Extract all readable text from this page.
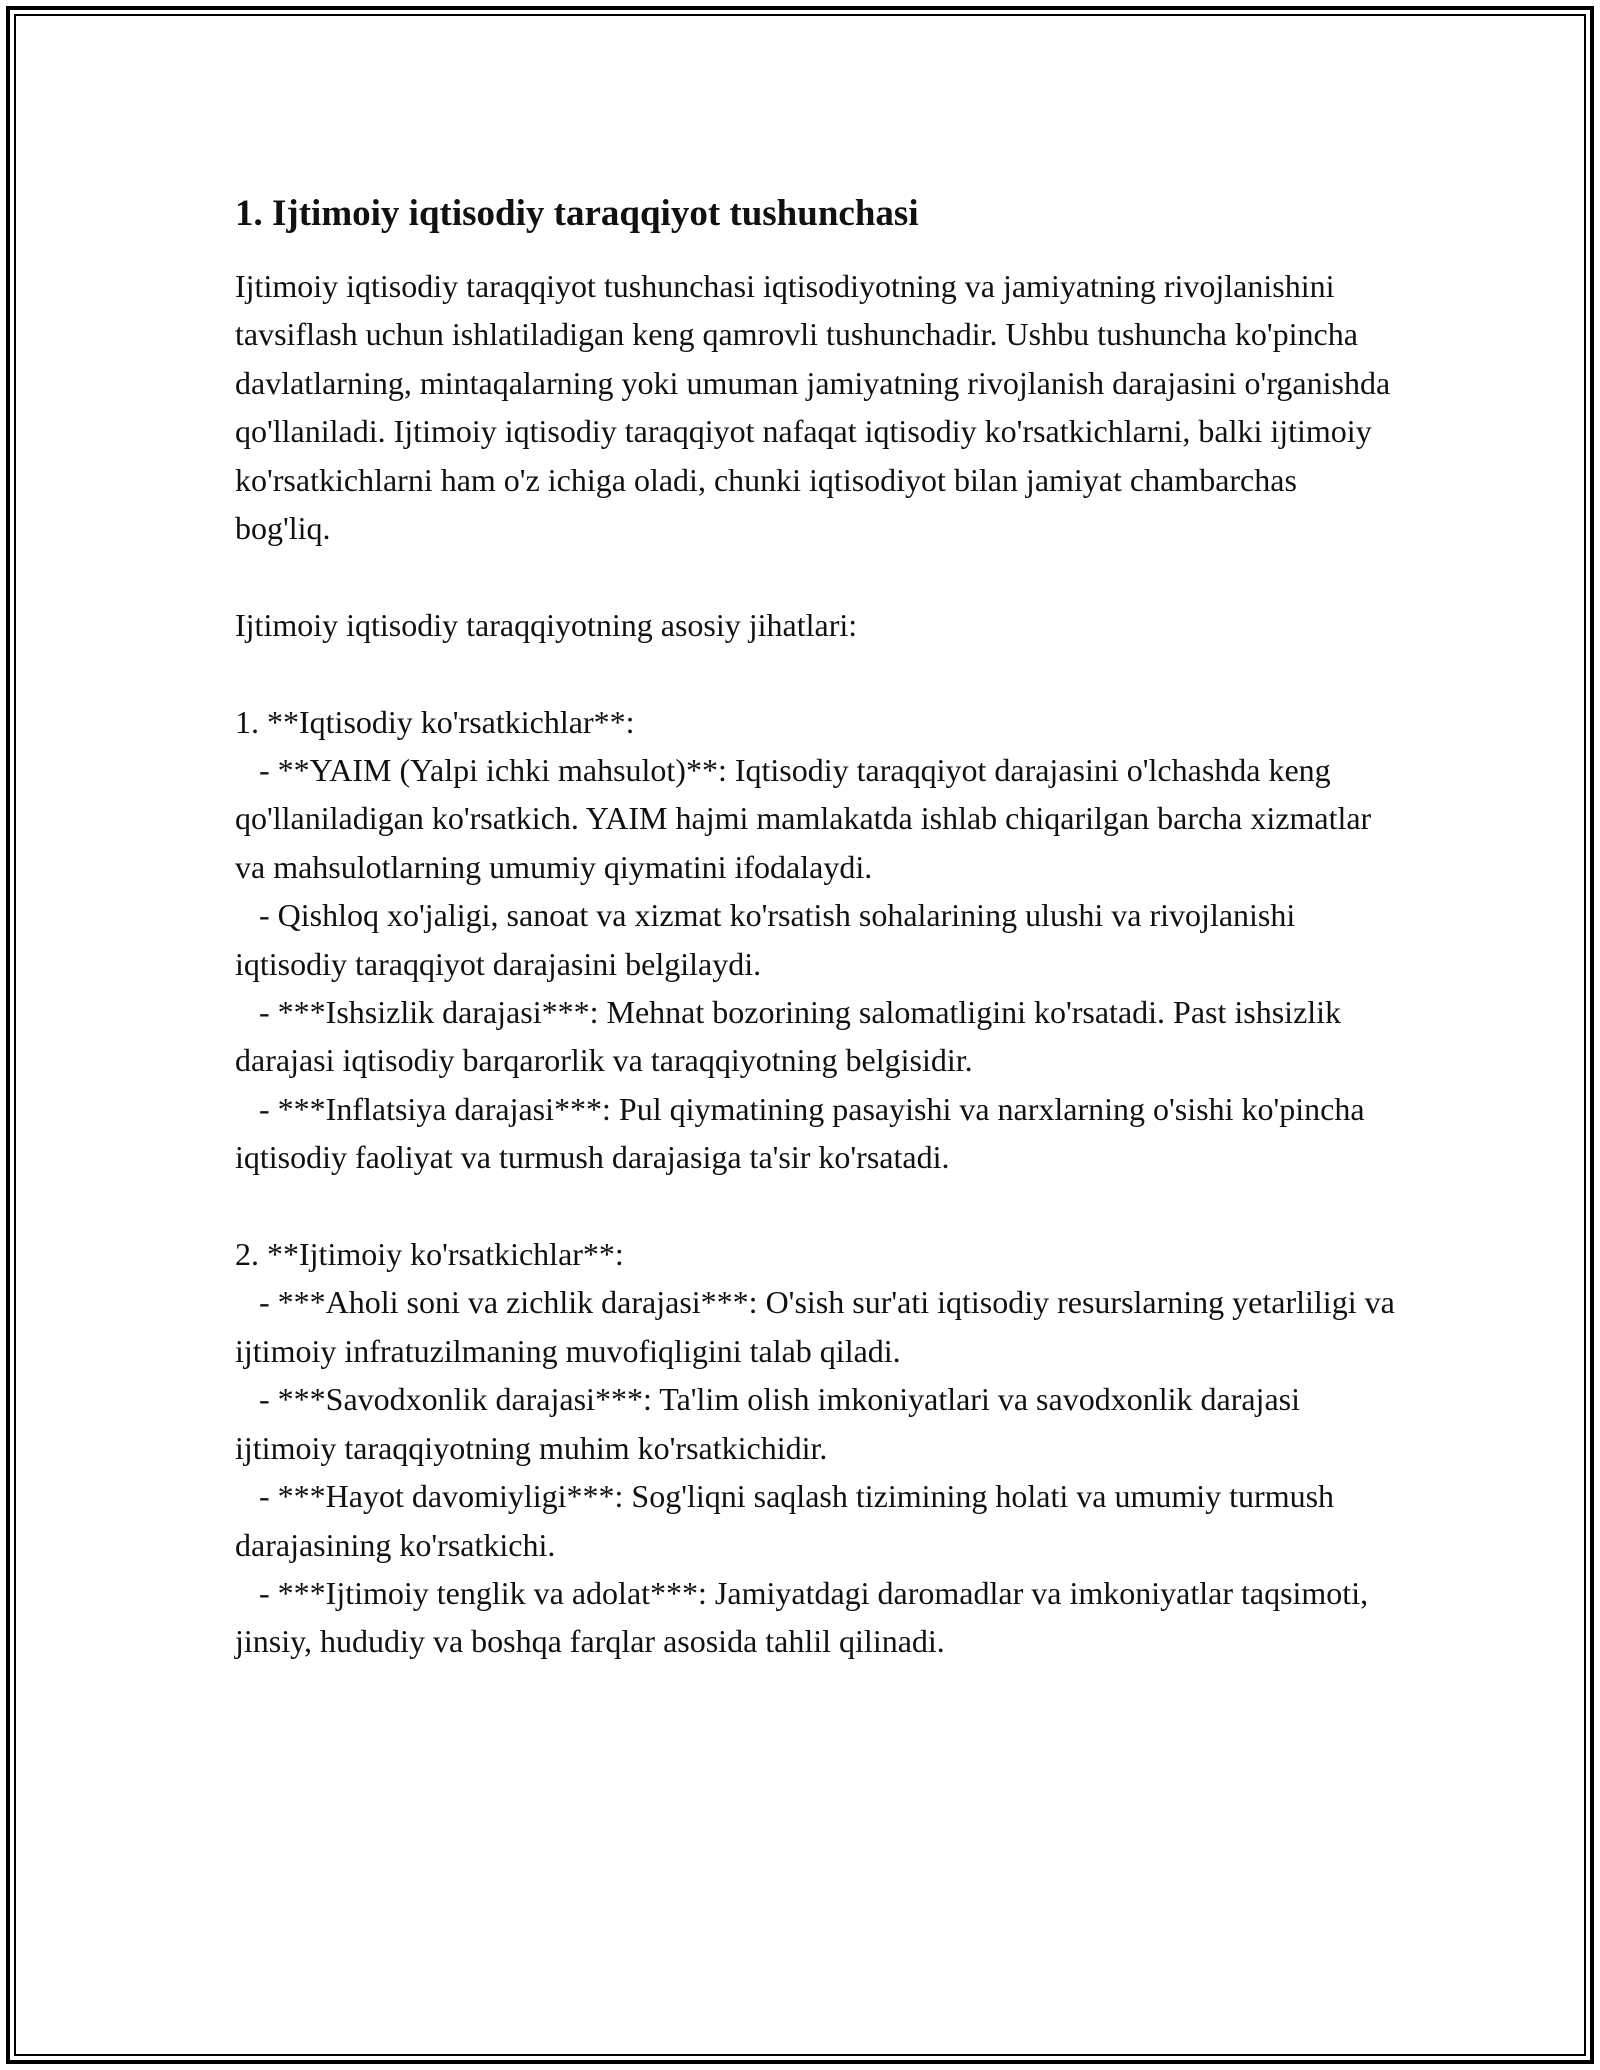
1. Ijtimoiy iqtisodiy taraqqiyot tushunchasi

Ijtimoiy iqtisodiy taraqqiyot tushunchasi iqtisodiyotning va jamiyatning rivojlanishini tavsiflash uchun ishlatiladigan keng qamrovli tushunchadir. Ushbu tushuncha ko'pincha davlatlarning, mintaqalarning yoki umuman jamiyatning rivojlanish darajasini o'rganishda qo'llaniladi. Ijtimoiy iqtisodiy taraqqiyot nafaqat iqtisodiy ko'rsatkichlarni, balki ijtimoiy ko'rsatkichlarni ham o'z ichiga oladi, chunki iqtisodiyot bilan jamiyat chambarchas bog'liq.

Ijtimoiy iqtisodiy taraqqiyotning asosiy jihatlari:

1. **Iqtisodiy ko'rsatkichlar**:
- **YAIM (Yalpi ichki mahsulot)**: Iqtisodiy taraqqiyot darajasini o'lchashda keng qo'llaniladigan ko'rsatkich. YAIM hajmi mamlakatda ishlab chiqarilgan barcha xizmatlar va mahsulotlarning umumiy qiymatini ifodalaydi.
- Qishloq xo'jaligi, sanoat va xizmat ko'rsatish sohalarining ulushi va rivojlanishi iqtisodiy taraqqiyot darajasini belgilaydi.
- ***Ishsizlik darajasi***: Mehnat bozorining salomatligini ko'rsatadi. Past ishsizlik darajasi iqtisodiy barqarorlik va taraqqiyotning belgisidir.
- ***Inflatsiya darajasi***: Pul qiymatining pasayishi va narxlarning o'sishi ko'pincha iqtisodiy faoliyat va turmush darajasiga ta'sir ko'rsatadi.
2. **Ijtimoiy ko'rsatkichlar**:
- ***Aholi soni va zichlik darajasi***: O'sish sur'ati iqtisodiy resurslarning yetarliligi va ijtimoiy infratuzilmaning muvofiqligini talab qiladi.
- ***Savodxonlik darajasi***: Ta'lim olish imkoniyatlari va savodxonlik darajasi ijtimoiy taraqqiyotning muhim ko'rsatkichidir.
- ***Hayot davomiyligi***: Sog'liqni saqlash tizimining holati va umumiy turmush darajasining ko'rsatkichi.
- ***Ijtimoiy tenglik va adolat***: Jamiyatdagi daromadlar va imkoniyatlar taqsimoti, jinsiy, hududiy va boshqa farqlar asosida tahlil qilinadi.
